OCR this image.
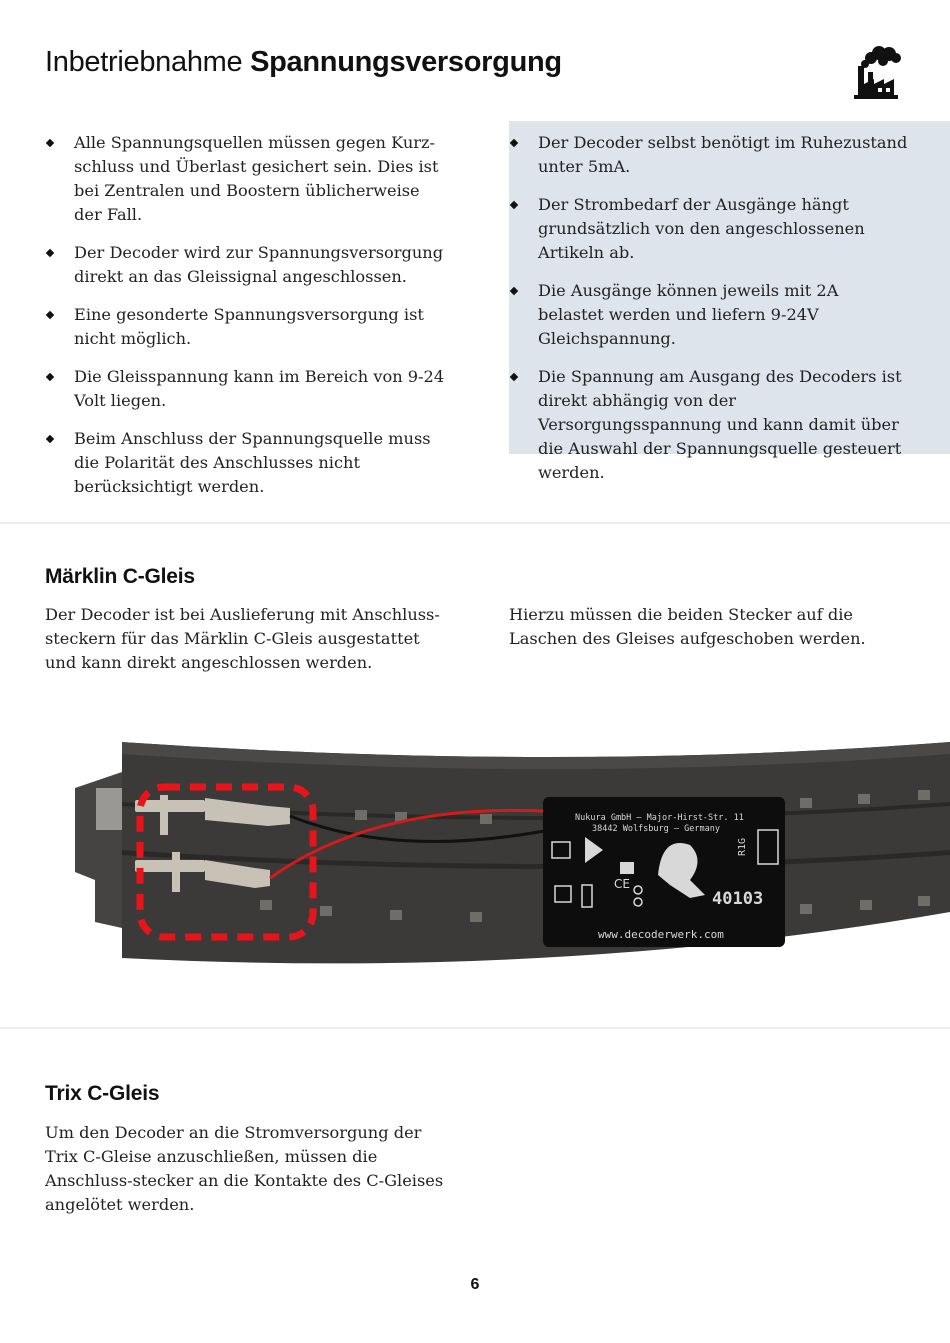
Inbetriebnahme Spannungsversorgung
Alle Spannungsquellen müssen gegen Kurz-schluss und Überlast gesichert sein. Dies ist bei Zentralen und Boostern üblicherweise der Fall.
Der Decoder wird zur Spannungsversorgung direkt an das Gleissignal angeschlossen.
Eine gesonderte Spannungsversorgung ist nicht möglich.
Die Gleisspannung kann im Bereich von 9-24 Volt liegen.
Beim Anschluss der Spannungsquelle muss die Polarität des Anschlusses nicht berücksichtigt werden.
Der Decoder selbst benötigt im Ruhezustand unter 5mA.
Der Strombedarf der Ausgänge hängt grundsätzlich von den angeschlossenen Artikeln ab.
Die Ausgänge können jeweils mit 2A belastet werden und liefern 9-24V Gleichspannung.
Die Spannung am Ausgang des Decoders ist direkt abhängig von der Versorgungsspannung und kann damit über die Auswahl der Spannungsquelle gesteuert werden.
Märklin C-Gleis

Der Decoder ist bei Auslieferung mit Anschluss-steckern für das Märklin C-Gleis ausgestattet und kann direkt angeschlossen werden.

Hierzu müssen die beiden Stecker auf die Laschen des Gleises aufgeschoben werden.

Nukura GmbH – Major-Hirst-Str. 11
38442 Wolfsburg – Germany
40103
www.decoderwerk.com
R1G
CE
Trix C-Gleis

Um den Decoder an die Stromversorgung der Trix C-Gleise anzuschließen, müssen die Anschluss-stecker an die Kontakte des C-Gleises angelötet werden.

6
